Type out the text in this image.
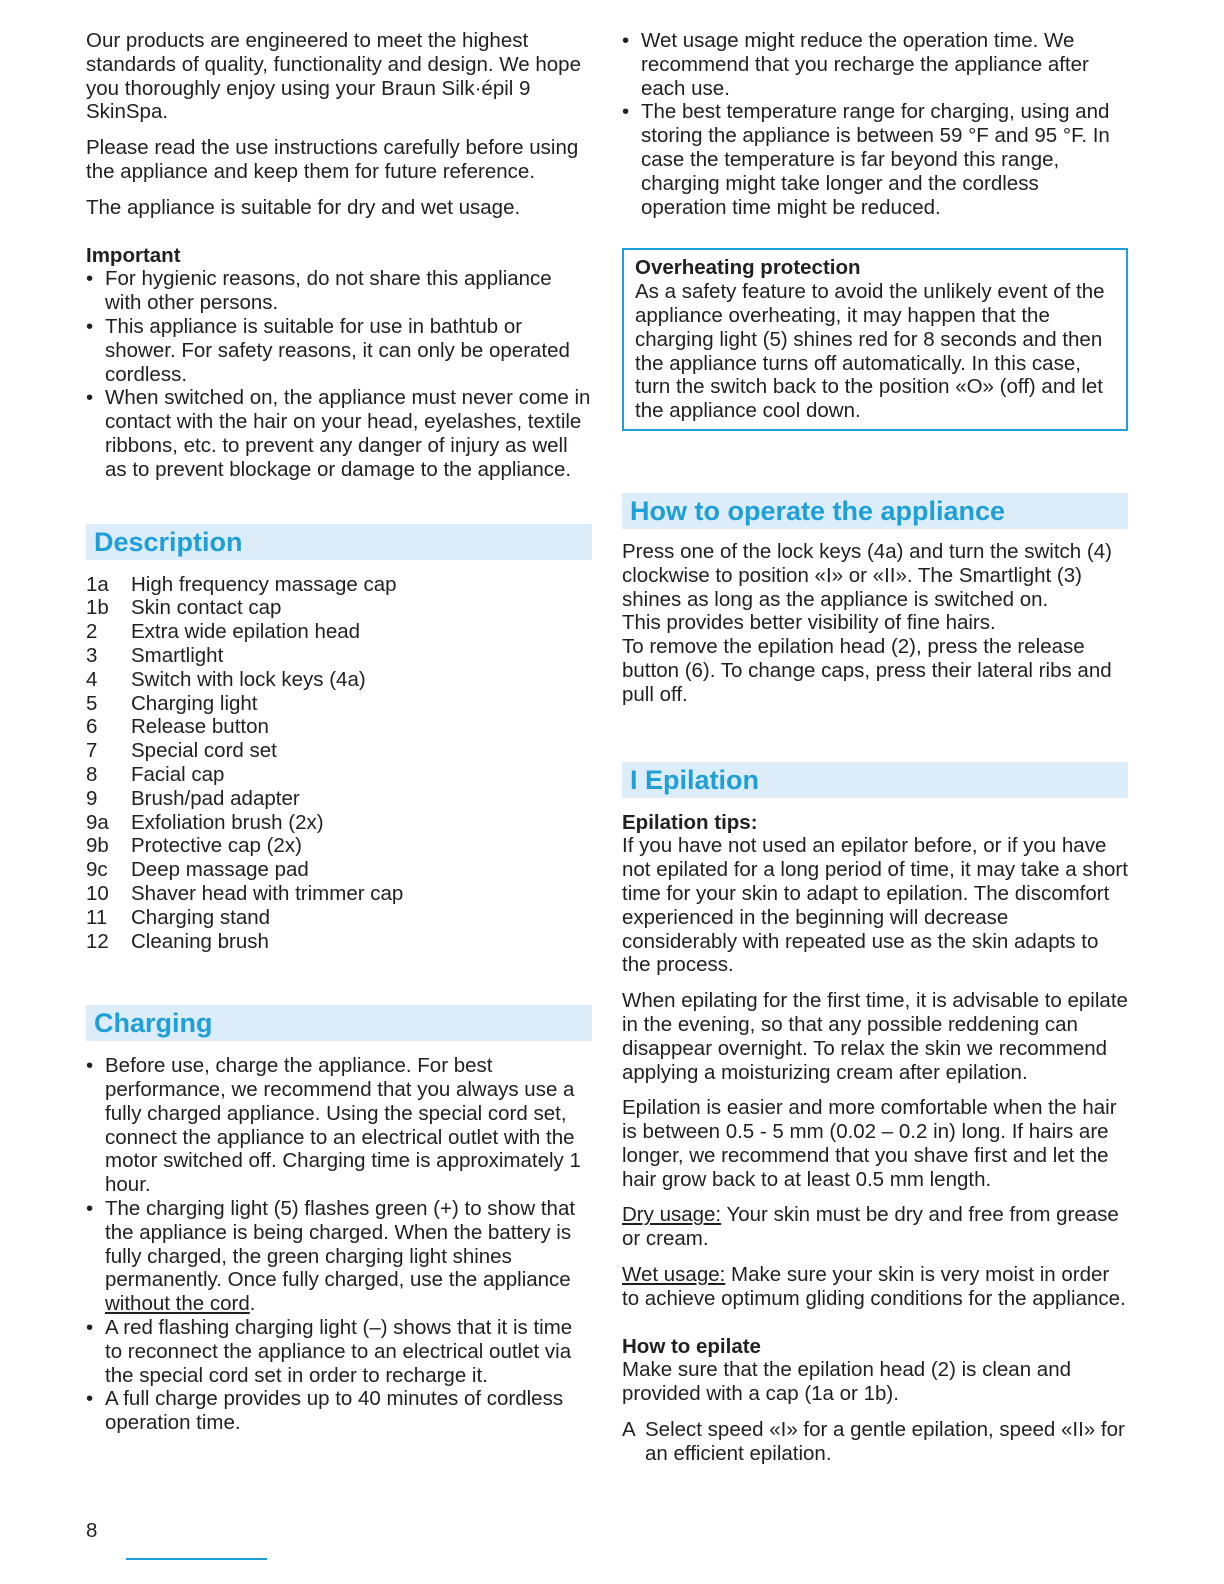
Our products are engineered to meet the highest standards of quality, functionality and design. We hope you thoroughly enjoy using your Braun Silk·épil 9 SkinSpa.

Please read the use instructions carefully before using the appliance and keep them for future reference.

The appliance is suitable for dry and wet usage.

Important

• For hygienic reasons, do not share this appliance with other persons.
• This appliance is suitable for use in bathtub or shower. For safety reasons, it can only be operated cordless.
• When switched on, the appliance must never come in contact with the hair on your head, eyelashes, textile ribbons, etc. to prevent any danger of injury as well as to prevent blockage or damage to the appliance.
Description
1a	High frequency massage cap
1b	Skin contact cap
2	Extra wide epilation head
3	Smartlight
4	Switch with lock keys (4a)
5	Charging light
6	Release button
7	Special cord set
8	Facial cap
9	Brush/pad adapter
9a	Exfoliation brush (2x)
9b	Protective cap (2x)
9c	Deep massage pad
10	Shaver head with trimmer cap
11	Charging stand
12	Cleaning brush
Charging
• Before use, charge the appliance. For best performance, we recommend that you always use a fully charged appliance. Using the special cord set, connect the appliance to an electrical outlet with the motor switched off. Charging time is approximately 1 hour.
• The charging light (5) flashes green (+) to show that the appliance is being charged. When the battery is fully charged, the green charging light shines permanently. Once fully charged, use the appliance without the cord.
• A red flashing charging light (–) shows that it is time to reconnect the appliance to an electrical outlet via the special cord set in order to recharge it.
• A full charge provides up to 40 minutes of cordless operation time.
• Wet usage might reduce the operation time. We recommend that you recharge the appliance after each use.
• The best temperature range for charging, using and storing the appliance is between 59 °F and 95 °F. In case the temperature is far beyond this range, charging might take longer and the cordless operation time might be reduced.

Overheating protection

As a safety feature to avoid the unlikely event of the appliance overheating, it may happen that the charging light (5) shines red for 8 seconds and then the appliance turns off automatically. In this case, turn the switch back to the position «O» (off) and let the appliance cool down.

How to operate the appliance

Press one of the lock keys (4a) and turn the switch (4) clockwise to position «I» or «II». The Smartlight (3) shines as long as the appliance is switched on.

This provides better visibility of fine hairs.

To remove the epilation head (2), press the release button (6). To change caps, press their lateral ribs and pull off.

I Epilation

Epilation tips:

If you have not used an epilator before, or if you have not epilated for a long period of time, it may take a short time for your skin to adapt to epilation. The discomfort experienced in the beginning will decrease considerably with repeated use as the skin adapts to the process.

When epilating for the first time, it is advisable to epilate in the evening, so that any possible reddening can disappear overnight. To relax the skin we recommend applying a moisturizing cream after epilation.

Epilation is easier and more comfortable when the hair is between 0.5 - 5 mm (0.02 – 0.2 in) long. If hairs are longer, we recommend that you shave first and let the hair grow back to at least 0.5 mm length.

Dry usage: Your skin must be dry and free from grease or cream.

Wet usage: Make sure your skin is very moist in order to achieve optimum gliding conditions for the appliance.

How to epilate

Make sure that the epilation head (2) is clean and provided with a cap (1a or 1b).

A Select speed «I» for a gentle epilation, speed «II» for an efficient epilation.
8
